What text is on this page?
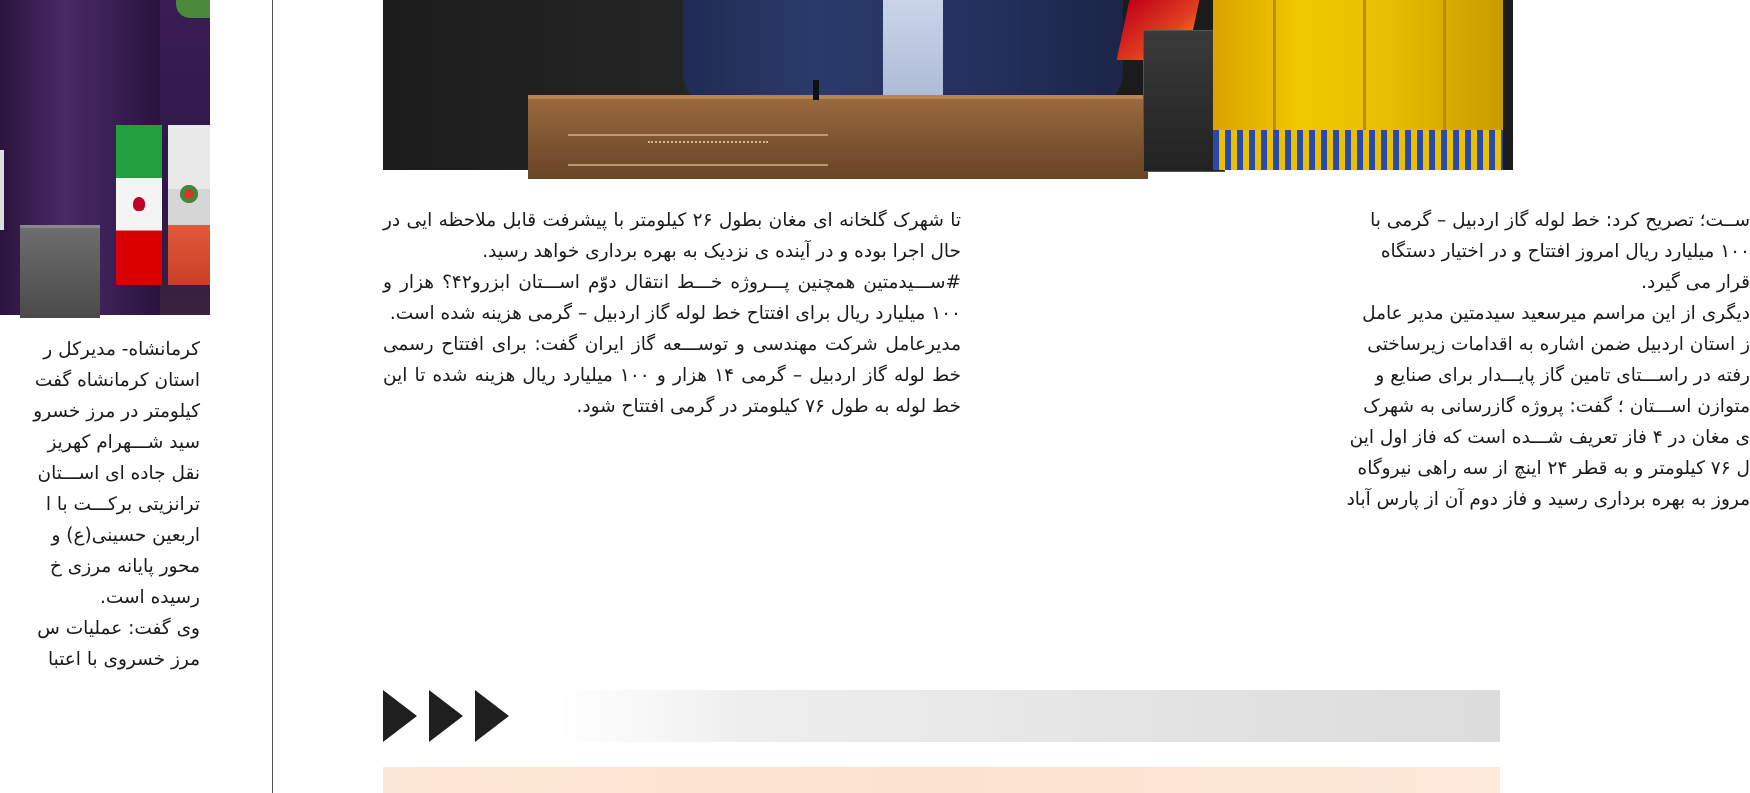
کرمانشاه- مدیرکل ر

استان کرمانشاه گفت

کیلومتر در مرز خسرو

سید شـــهرام کهریز

نقل جاده ای اســـتان

ترانزیتی برکـــت با ا

اربعین حسینی(ع) و

محور پایانه مرزی خ

رسیده است.

وی گفت: عملیات س

مرز خسروی با اعتبا

تا شهرک گلخانه ای مغان بطول ۲۶ کیلومتر با پیشرفت قابل ملاحظه ایی در حال اجرا بوده و در آینده ی نزدیک به بهره برداری خواهد رسید.

#ســـیدمتین همچنین پـــروژه خـــط انتقال دوّم اســـتان ابزرو۴۲؟ هزار و ۱۰۰ میلیارد ریال برای افتتاح خط لوله گاز اردبیل – گرمی هزینه شده است.

مدیرعامل شرکت مهندسی و توســـعه گاز ایران گفت: برای افتتاح رسمی خط لوله گاز اردبیل – گرمی ۱۴ هزار و ۱۰۰ میلیارد ریال هزینه شده تا این خط لوله به طول ۷۶ کیلومتر در گرمی افتتاح شود.

ســت؛ تصریح کرد: خط لوله گاز اردبیل – گرمی با

۱۰۰ میلیارد ریال امروز افتتاح و در اختیار دستگاه

قرار می گیرد.

دیگری از این مراسم میرسعید سیدمتین مدیر عامل

ز استان اردبیل ضمن اشاره به اقدامات زیرساختی

رفته در راســـتای تامین گاز پایـــدار برای صنایع و

متوازن اســـتان ؛ گفت: پروژه گازرسانی به شهرک

ی مغان در ۴ فاز تعریف شـــده است که فاز اول این

ل ۷۶ کیلومتر و به قطر ۲۴ اینچ از سه راهی نیروگاه

مروز به بهره برداری رسید و فاز دوم آن از پارس آباد
